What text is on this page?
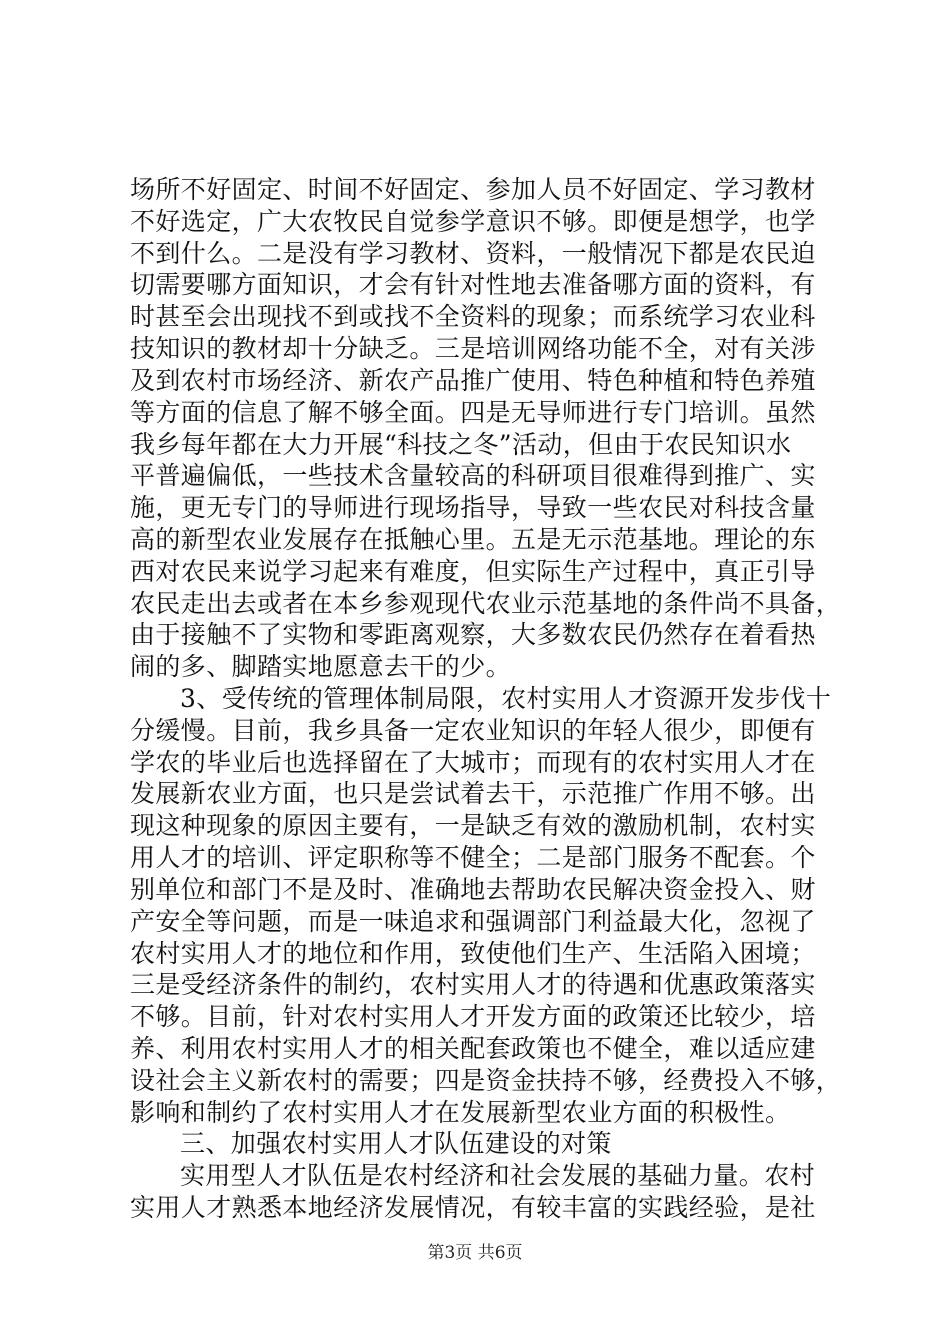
场所不好固定、时间不好固定、参加人员不好固定、学习教材
不好选定，广大农牧民自觉参学意识不够。即便是想学，也学
不到什么。二是没有学习教材、资料，一般情况下都是农民迫
切需要哪方面知识，才会有针对性地去准备哪方面的资料，有
时甚至会出现找不到或找不全资料的现象；而系统学习农业科
技知识的教材却十分缺乏。三是培训网络功能不全，对有关涉
及到农村市场经济、新农产品推广使用、特色种植和特色养殖
等方面的信息了解不够全面。四是无导师进行专门培训。虽然
我乡每年都在大力开展“科技之冬”活动，但由于农民知识水
平普遍偏低，一些技术含量较高的科研项目很难得到推广、实
施，更无专门的导师进行现场指导，导致一些农民对科技含量
高的新型农业发展存在抵触心里。五是无示范基地。理论的东
西对农民来说学习起来有难度，但实际生产过程中，真正引导
农民走出去或者在本乡参观现代农业示范基地的条件尚不具备，
由于接触不了实物和零距离观察，大多数农民仍然存在着看热
闹的多、脚踏实地愿意去干的少。
3、受传统的管理体制局限，农村实用人才资源开发步伐十
分缓慢。目前，我乡具备一定农业知识的年轻人很少，即便有
学农的毕业后也选择留在了大城市；而现有的农村实用人才在
发展新农业方面，也只是尝试着去干，示范推广作用不够。出
现这种现象的原因主要有，一是缺乏有效的激励机制，农村实
用人才的培训、评定职称等不健全；二是部门服务不配套。个
别单位和部门不是及时、准确地去帮助农民解决资金投入、财
产安全等问题，而是一味追求和强调部门利益最大化，忽视了
农村实用人才的地位和作用，致使他们生产、生活陷入困境；
三是受经济条件的制约，农村实用人才的待遇和优惠政策落实
不够。目前，针对农村实用人才开发方面的政策还比较少，培
养、利用农村实用人才的相关配套政策也不健全，难以适应建
设社会主义新农村的需要；四是资金扶持不够，经费投入不够，
影响和制约了农村实用人才在发展新型农业方面的积极性。
三、加强农村实用人才队伍建设的对策
实用型人才队伍是农村经济和社会发展的基础力量。农村
实用人才熟悉本地经济发展情况，有较丰富的实践经验，是社
第3页 共6页
